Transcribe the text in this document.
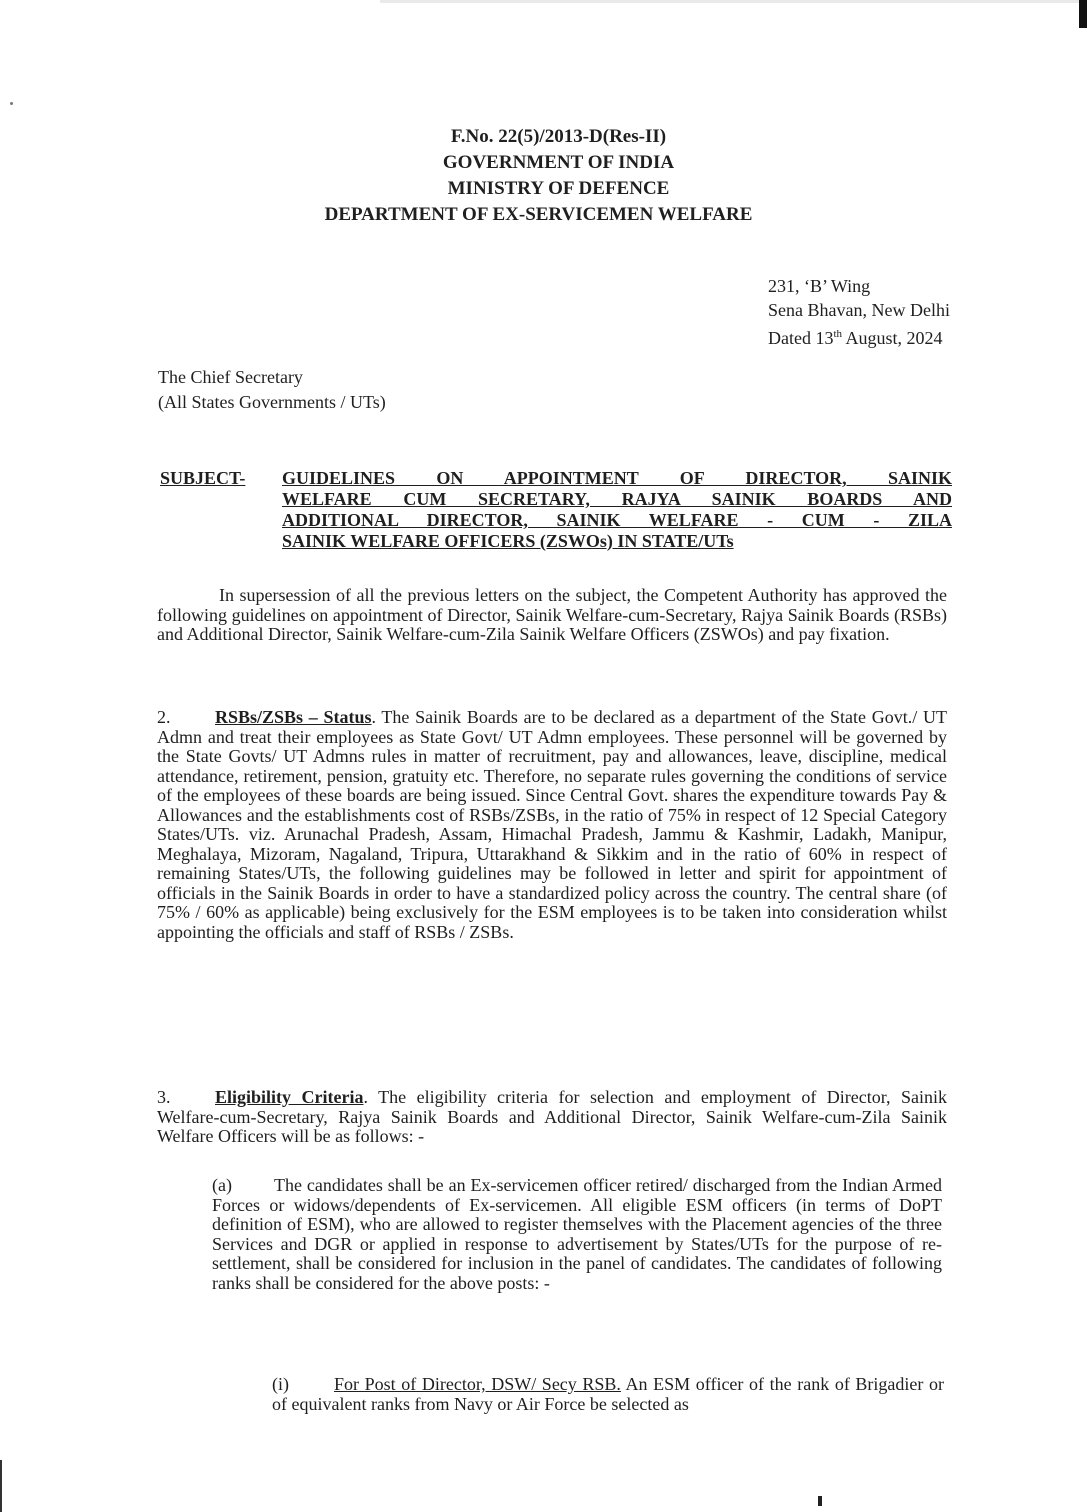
F.No. 22(5)/2013-D(Res-II)
GOVERNMENT OF INDIA
MINISTRY OF DEFENCE
DEPARTMENT OF EX-SERVICEMEN WELFARE
231, ‘B’ Wing
Sena Bhavan, New Delhi
Dated 13th August, 2024
The Chief Secretary
(All States Governments / UTs)
SUBJECT- GUIDELINES ON APPOINTMENT OF DIRECTOR, SAINIK
WELFARE CUM SECRETARY, RAJYA SAINIK BOARDS AND
ADDITIONAL DIRECTOR, SAINIK WELFARE - CUM - ZILA
SAINIK WELFARE OFFICERS (ZSWOs) IN STATE/UTs
In supersession of all the previous letters on the subject, the Competent Authority has approved the following guidelines on appointment of Director, Sainik Welfare-cum-Secretary, Rajya Sainik Boards (RSBs) and Additional Director, Sainik Welfare-cum-Zila Sainik Welfare Officers (ZSWOs) and pay fixation.
2. RSBs/ZSBs – Status. The Sainik Boards are to be declared as a department of the State Govt./ UT Admn and treat their employees as State Govt/ UT Admn employees. These personnel will be governed by the State Govts/ UT Admns rules in matter of recruitment, pay and allowances, leave, discipline, medical attendance, retirement, pension, gratuity etc. Therefore, no separate rules governing the conditions of service of the employees of these boards are being issued. Since Central Govt. shares the expenditure towards Pay & Allowances and the establishments cost of RSBs/ZSBs, in the ratio of 75% in respect of 12 Special Category States/UTs. viz. Arunachal Pradesh, Assam, Himachal Pradesh, Jammu & Kashmir, Ladakh, Manipur, Meghalaya, Mizoram, Nagaland, Tripura, Uttarakhand & Sikkim and in the ratio of 60% in respect of remaining States/UTs, the following guidelines may be followed in letter and spirit for appointment of officials in the Sainik Boards in order to have a standardized policy across the country. The central share (of 75% / 60% as applicable) being exclusively for the ESM employees is to be taken into consideration whilst appointing the officials and staff of RSBs / ZSBs.
3. Eligibility Criteria. The eligibility criteria for selection and employment of Director, Sainik Welfare-cum-Secretary, Rajya Sainik Boards and Additional Director, Sainik Welfare-cum-Zila Sainik Welfare Officers will be as follows: -
(a) The candidates shall be an Ex-servicemen officer retired/ discharged from the Indian Armed Forces or widows/dependents of Ex-servicemen. All eligible ESM officers (in terms of DoPT definition of ESM), who are allowed to register themselves with the Placement agencies of the three Services and DGR or applied in response to advertisement by States/UTs for the purpose of re-settlement, shall be considered for inclusion in the panel of candidates. The candidates of following ranks shall be considered for the above posts: -
(i)	For Post of Director, DSW/ Secy RSB. An ESM officer of the rank of Brigadier or of equivalent ranks from Navy or Air Force be selected as
